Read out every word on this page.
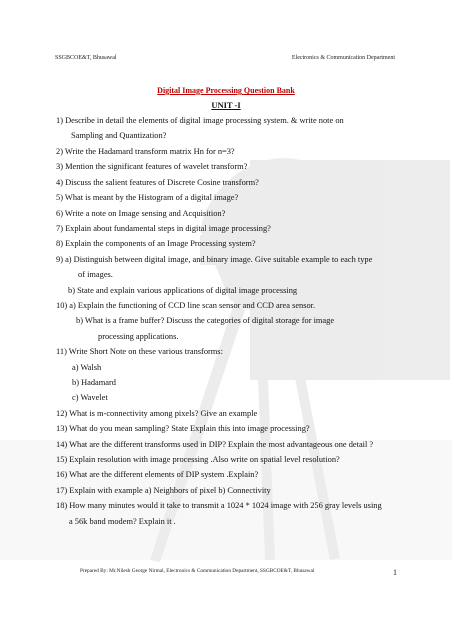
SSGBCOE&T, Bhusawal	Electronics & Communication Department
Digital Image Processing Question Bank
UNIT -I
1) Describe in detail the elements of digital image processing system. & write note on
Sampling and Quantization?
2) Write the Hadamard transform matrix Hn for n=3?
3) Mention the significant features of wavelet transform?
4) Discuss the salient features of Discrete Cosine transform?
5) What is meant by the Histogram of a digital image?
6) Write a note on Image sensing and Acquisition?
7) Explain about fundamental steps in digital image processing?
8) Explain the components of an Image Processing system?
9) a) Distinguish between digital image, and binary image. Give suitable example to each type
of images.
b) State and explain various applications of digital image processing
10) a) Explain the functioning of CCD line scan sensor and CCD area sensor.
b) What is a frame buffer? Discuss the categories of digital storage for image
processing applications.
11) Write Short Note on these various transforms:
a) Walsh
b) Hadamard
c) Wavelet
12) What is m-connectivity among pixels? Give an example
13) What do you mean sampling? State Explain this into image processing?
14) What are the different transforms used in DIP? Explain the most advantageous one detail ?
15) Explain resolution with image processing .Also write on spatial level resolution?
16) What are the different elements of DIP system .Explain?
17) Explain with example a) Neighbors of pixel b) Connectivity
18) How many minutes would it take to transmit a 1024 * 1024 image with 256 gray levels using
a 56k band modem? Explain it .
Prepared By: Mr.Nilesh George Nirmal, Electronics & Communication Department, SSGBCOE&T, Bhusawal	1
